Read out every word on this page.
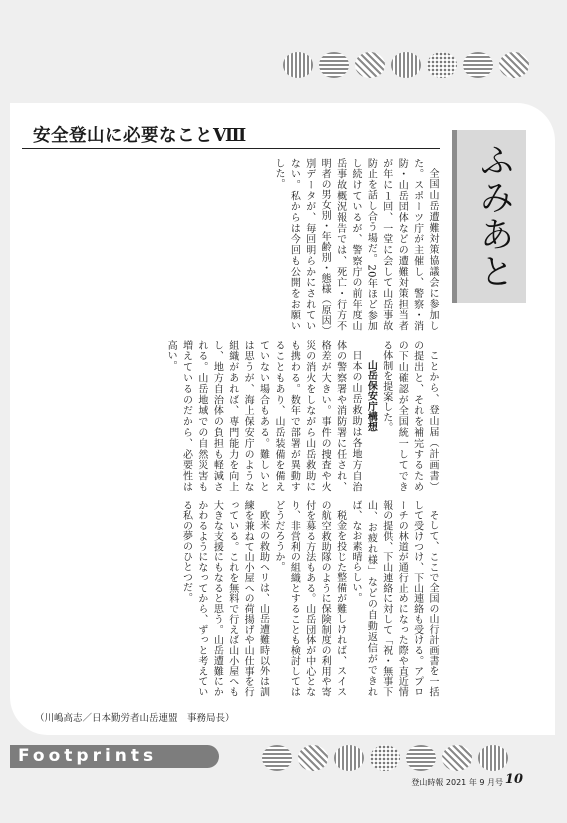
安全登山に必要なことⅧ
ふみあと

全国山岳遭難対策協議会に参加した。スポーツ庁が主催し、警察・消防・山岳団体などの遭難対策担当者が年に１回、一堂に会して山岳事故防止を話し合う場だ。20年ほど参加し続けているが、警察庁の前年度山岳事故概況報告では、死亡・行方不明者の男女別・年齢別・態様（原因）別データが、毎回明らかにされていない。私からは今回も公開をお願いした。

ことから、登山届（計画書）の提出と、それを補完するための下山確認が全国統一してできる体制を提案した。

山岳保安庁構想

日本の山岳救助は各地方自治体の警察署や消防署に任され、格差が大きい。事件の捜査や火災の消火をしながら山岳救助にも携わる。数年で部署が異動することもあり、山岳装備を備えていない場合もある。難しいとは思うが、海上保安庁のような組織があれば、専門能力を向上し、地方自治体の負担も軽減される。山岳地域での自然災害も増えているのだから、必要性は高い。

そして、ここで全国の山行計画書を一括して受けつけ、下山連絡も受ける。アプローチの林道が通行止めになった際や直近情報の提供、下山連絡に対して「祝・無事下山、お疲れ様」などの自動返信ができれば、なお素晴らしい。

税金を投じた整備が難しければ、スイスの航空救助隊のように保険制度の利用や寄付を募る方法もある。山岳団体が中心となり、非営利の組織とすることも検討してはどうだろうか。

欧米の救助ヘリは、山岳遭難時以外は訓練を兼ねて山小屋への荷揚げや山仕事を行っている。これを無料で行えば山小屋へも大きな支援にもなると思う。山岳遭難にかかわるようになってから、ずっと考えている私の夢のひとつだ。

（川嶋高志／日本勤労者山岳連盟　事務局長）
Footprints
登山時報 2021 年 9 月号 10
